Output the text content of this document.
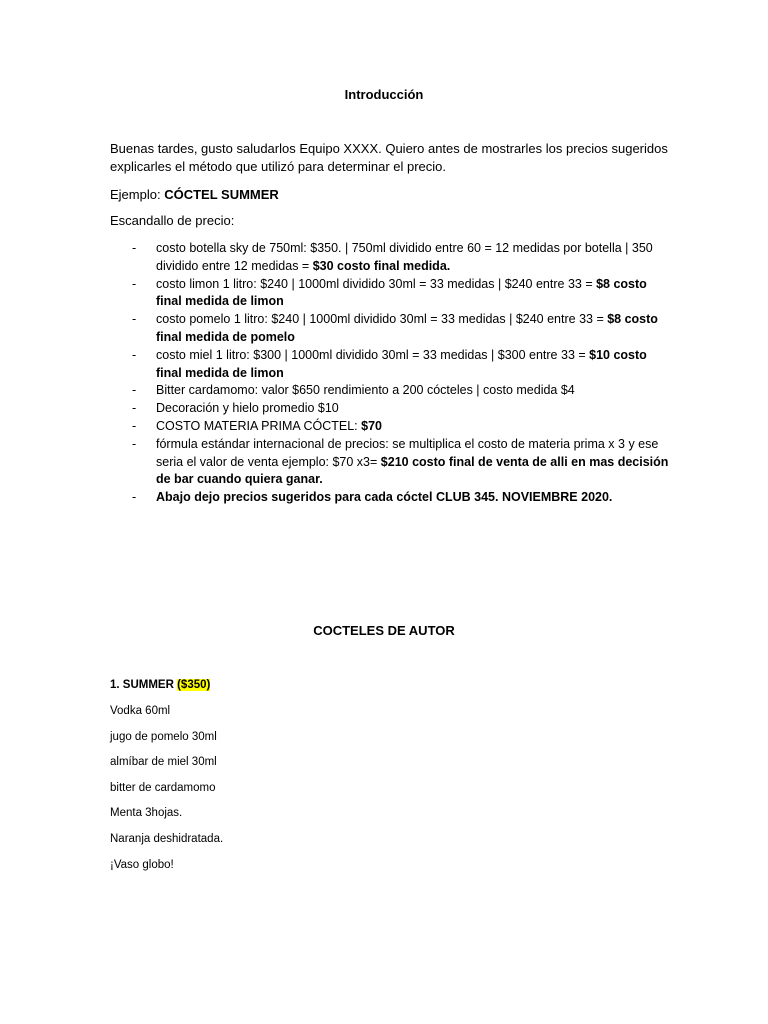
Introducción
Buenas tardes, gusto saludarlos Equipo XXXX. Quiero antes de mostrarles los precios sugeridos explicarles el método que utilizó para determinar el precio.
Ejemplo: CÓCTEL SUMMER
Escandallo de precio:
- costo botella sky de 750ml: $350. | 750ml dividido entre 60 = 12 medidas por botella | 350 dividido entre 12 medidas = $30 costo final medida.
- costo limon 1 litro: $240 | 1000ml dividido 30ml = 33 medidas | $240 entre 33 = $8 costo final medida de limon
- costo pomelo 1 litro: $240 | 1000ml dividido 30ml = 33 medidas | $240 entre 33 = $8 costo final medida de pomelo
- costo miel 1 litro: $300 | 1000ml dividido 30ml = 33 medidas | $300 entre 33 = $10 costo final medida de limon
- Bitter cardamomo: valor $650 rendimiento a 200 cócteles | costo medida $4
- Decoración y hielo promedio $10
- COSTO MATERIA PRIMA CÓCTEL: $70
- fórmula estándar internacional de precios: se multiplica el costo de materia prima x 3 y ese seria el valor de venta ejemplo: $70 x3= $210 costo final de venta de alli en mas decisión de bar cuando quiera ganar.
- Abajo dejo precios sugeridos para cada cóctel CLUB 345. NOVIEMBRE 2020.
COCTELES DE AUTOR
1. SUMMER ($350)
Vodka 60ml
jugo de pomelo 30ml
almíbar de miel 30ml
bitter de cardamomo
Menta 3hojas.
Naranja deshidratada.
¡Vaso globo!
